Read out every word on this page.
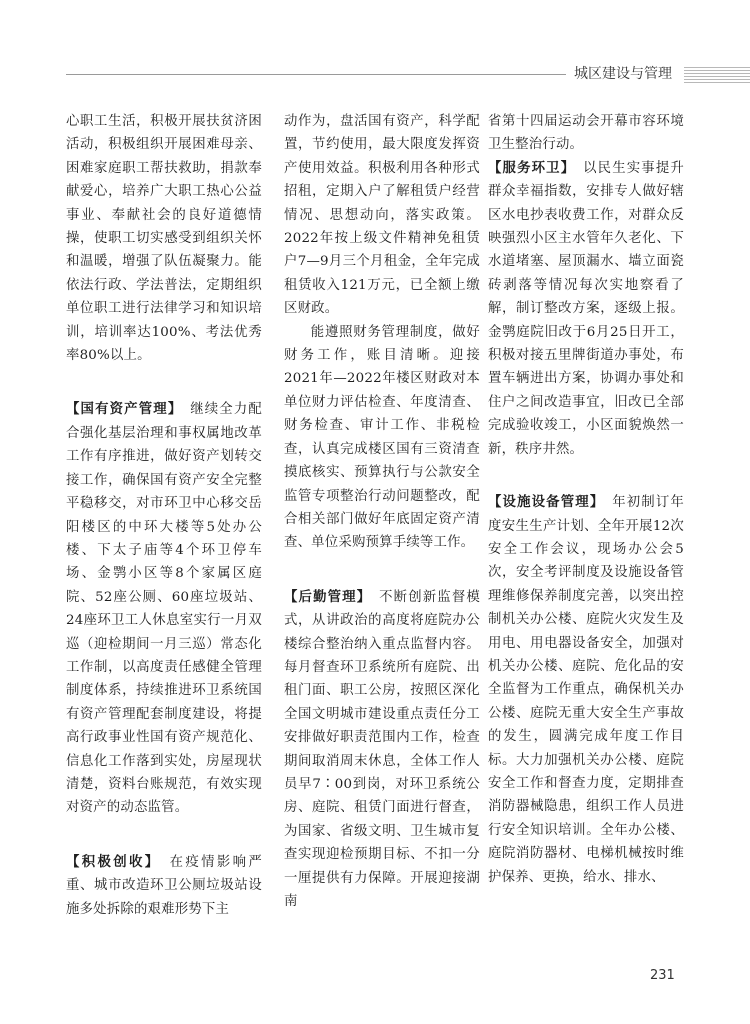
城区建设与管理

心职工生活，积极开展扶贫济困活动，积极组织开展困难母亲、困难家庭职工帮扶救助，捐款奉献爱心，培养广大职工热心公益事业、奉献社会的良好道德情操，使职工切实感受到组织关怀和温暖，增强了队伍凝聚力。能依法行政、学法普法，定期组织单位职工进行法律学习和知识培训，培训率达100%、考法优秀率80%以上。

【国有资产管理】　 继续全力配合强化基层治理和事权属地改革工作有序推进，做好资产划转交接工作，确保国有资产安全完整平稳移交，对市环卫中心移交岳阳楼区的中环大楼等5处办公楼、下太子庙等4个环卫停车场、金鹗小区等8个家属区庭院、52座公厕、60座垃圾站、24座环卫工人休息室实行一月双巡（迎检期间一月三巡）常态化工作制，以高度责任感健全管理制度体系，持续推进环卫系统国有资产管理配套制度建设，将提高行政事业性国有资产规范化、信息化工作落到实处，房屋现状清楚，资料台账规范，有效实现对资产的动态监管。

【积极创收】　 在疫情影响严重、城市改造环卫公厕垃圾站设施多处拆除的艰难形势下主

动作为，盘活国有资产，科学配置，节约使用，最大限度发挥资产使用效益。积极利用各种形式招租，定期入户了解租赁户经营情况、思想动向，落实政策。2022年按上级文件精神免租赁户7—9月三个月租金，全年完成租赁收入121万元，已全额上缴区财政。

能遵照财务管理制度，做好财务工作，账目清晰。迎接2021年—2022年楼区财政对本单位财力评估检查、年度清查、财务检查、审计工作、非税检查，认真完成楼区国有三资清查摸底核实、预算执行与公款安全监管专项整治行动问题整改，配合相关部门做好年底固定资产清查、单位采购预算手续等工作。

【后勤管理】　 不断创新监督模式，从讲政治的高度将庭院办公楼综合整治纳入重点监督内容。每月督查环卫系统所有庭院、出租门面、职工公房，按照区深化全国文明城市建设重点责任分工安排做好职责范围内工作，检查期间取消周末休息，全体工作人员早7∶00到岗，对环卫系统公房、庭院、租赁门面进行督查，为国家、省级文明、卫生城市复查实现迎检预期目标、不扣一分一厘提供有力保障。开展迎接湖南

省第十四届运动会开幕市容环境卫生整治行动。

【服务环卫】　 以民生实事提升群众幸福指数，安排专人做好辖区水电抄表收费工作，对群众反映强烈小区主水管年久老化、下水道堵塞、屋顶漏水、墙立面瓷砖剥落等情况每次实地察看了解，制订整改方案，逐级上报。金鹗庭院旧改于6月25日开工，积极对接五里牌街道办事处，布置车辆进出方案，协调办事处和住户之间改造事宜，旧改已全部完成验收竣工，小区面貌焕然一新，秩序井然。

【设施设备管理】　 年初制订年度安生生产计划、全年开展12次安全工作会议，现场办公会5次，安全考评制度及设施设备管理维修保养制度完善，以突出控制机关办公楼、庭院火灾发生及用电、用电器设备安全，加强对机关办公楼、庭院、危化品的安全监督为工作重点，确保机关办公楼、庭院无重大安全生产事故的发生，圆满完成年度工作目标。大力加强机关办公楼、庭院安全工作和督查力度，定期排查消防器械隐患，组织工作人员进行安全知识培训。全年办公楼、庭院消防器材、电梯机械按时维护保养、更换，给水、排水、

231
